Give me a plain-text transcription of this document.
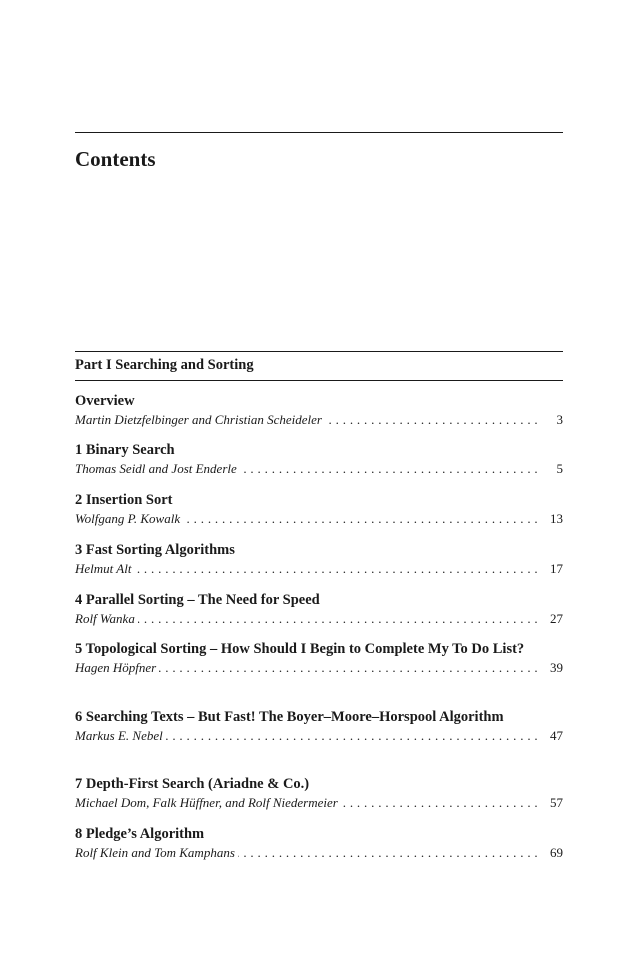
Contents
Part I Searching and Sorting
Overview
Martin Dietzfelbinger and Christian Scheideler . . .	3
1 Binary Search
Thomas Seidl and Jost Enderle . . .	5
2 Insertion Sort
Wolfgang P. Kowalk . . .	13
3 Fast Sorting Algorithms
Helmut Alt . . .	17
4 Parallel Sorting – The Need for Speed
Rolf Wanka . . .	27
5 Topological Sorting – How Should I Begin to Complete My To Do List?
Hagen Höpfner . . .	39
6 Searching Texts – But Fast! The Boyer–Moore–Horspool Algorithm
Markus E. Nebel . . .	47
7 Depth-First Search (Ariadne & Co.)
Michael Dom, Falk Hüffner, and Rolf Niedermeier . . .	57
8 Pledge’s Algorithm
Rolf Klein and Tom Kamphans . . .	69
